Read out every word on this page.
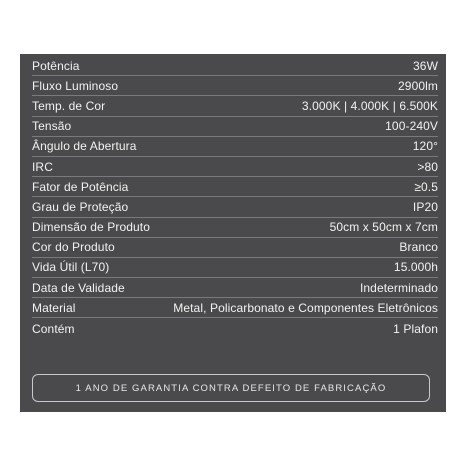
Potência	36W
Fluxo Luminoso	2900lm
Temp. de Cor	3.000K | 4.000K | 6.500K
Tensão	100-240V
Ângulo de Abertura	120°
IRC	>80
Fator de Potência	≥0.5
Grau de Proteção	IP20
Dimensão de Produto	50cm x 50cm x 7cm
Cor do Produto	Branco
Vida Útil (L70)	15.000h
Data de Validade	Indeterminado
Material	Metal, Policarbonato e Componentes Eletrônicos
Contém	1 Plafon
1 ANO DE GARANTIA CONTRA DEFEITO DE FABRICAÇÃO
